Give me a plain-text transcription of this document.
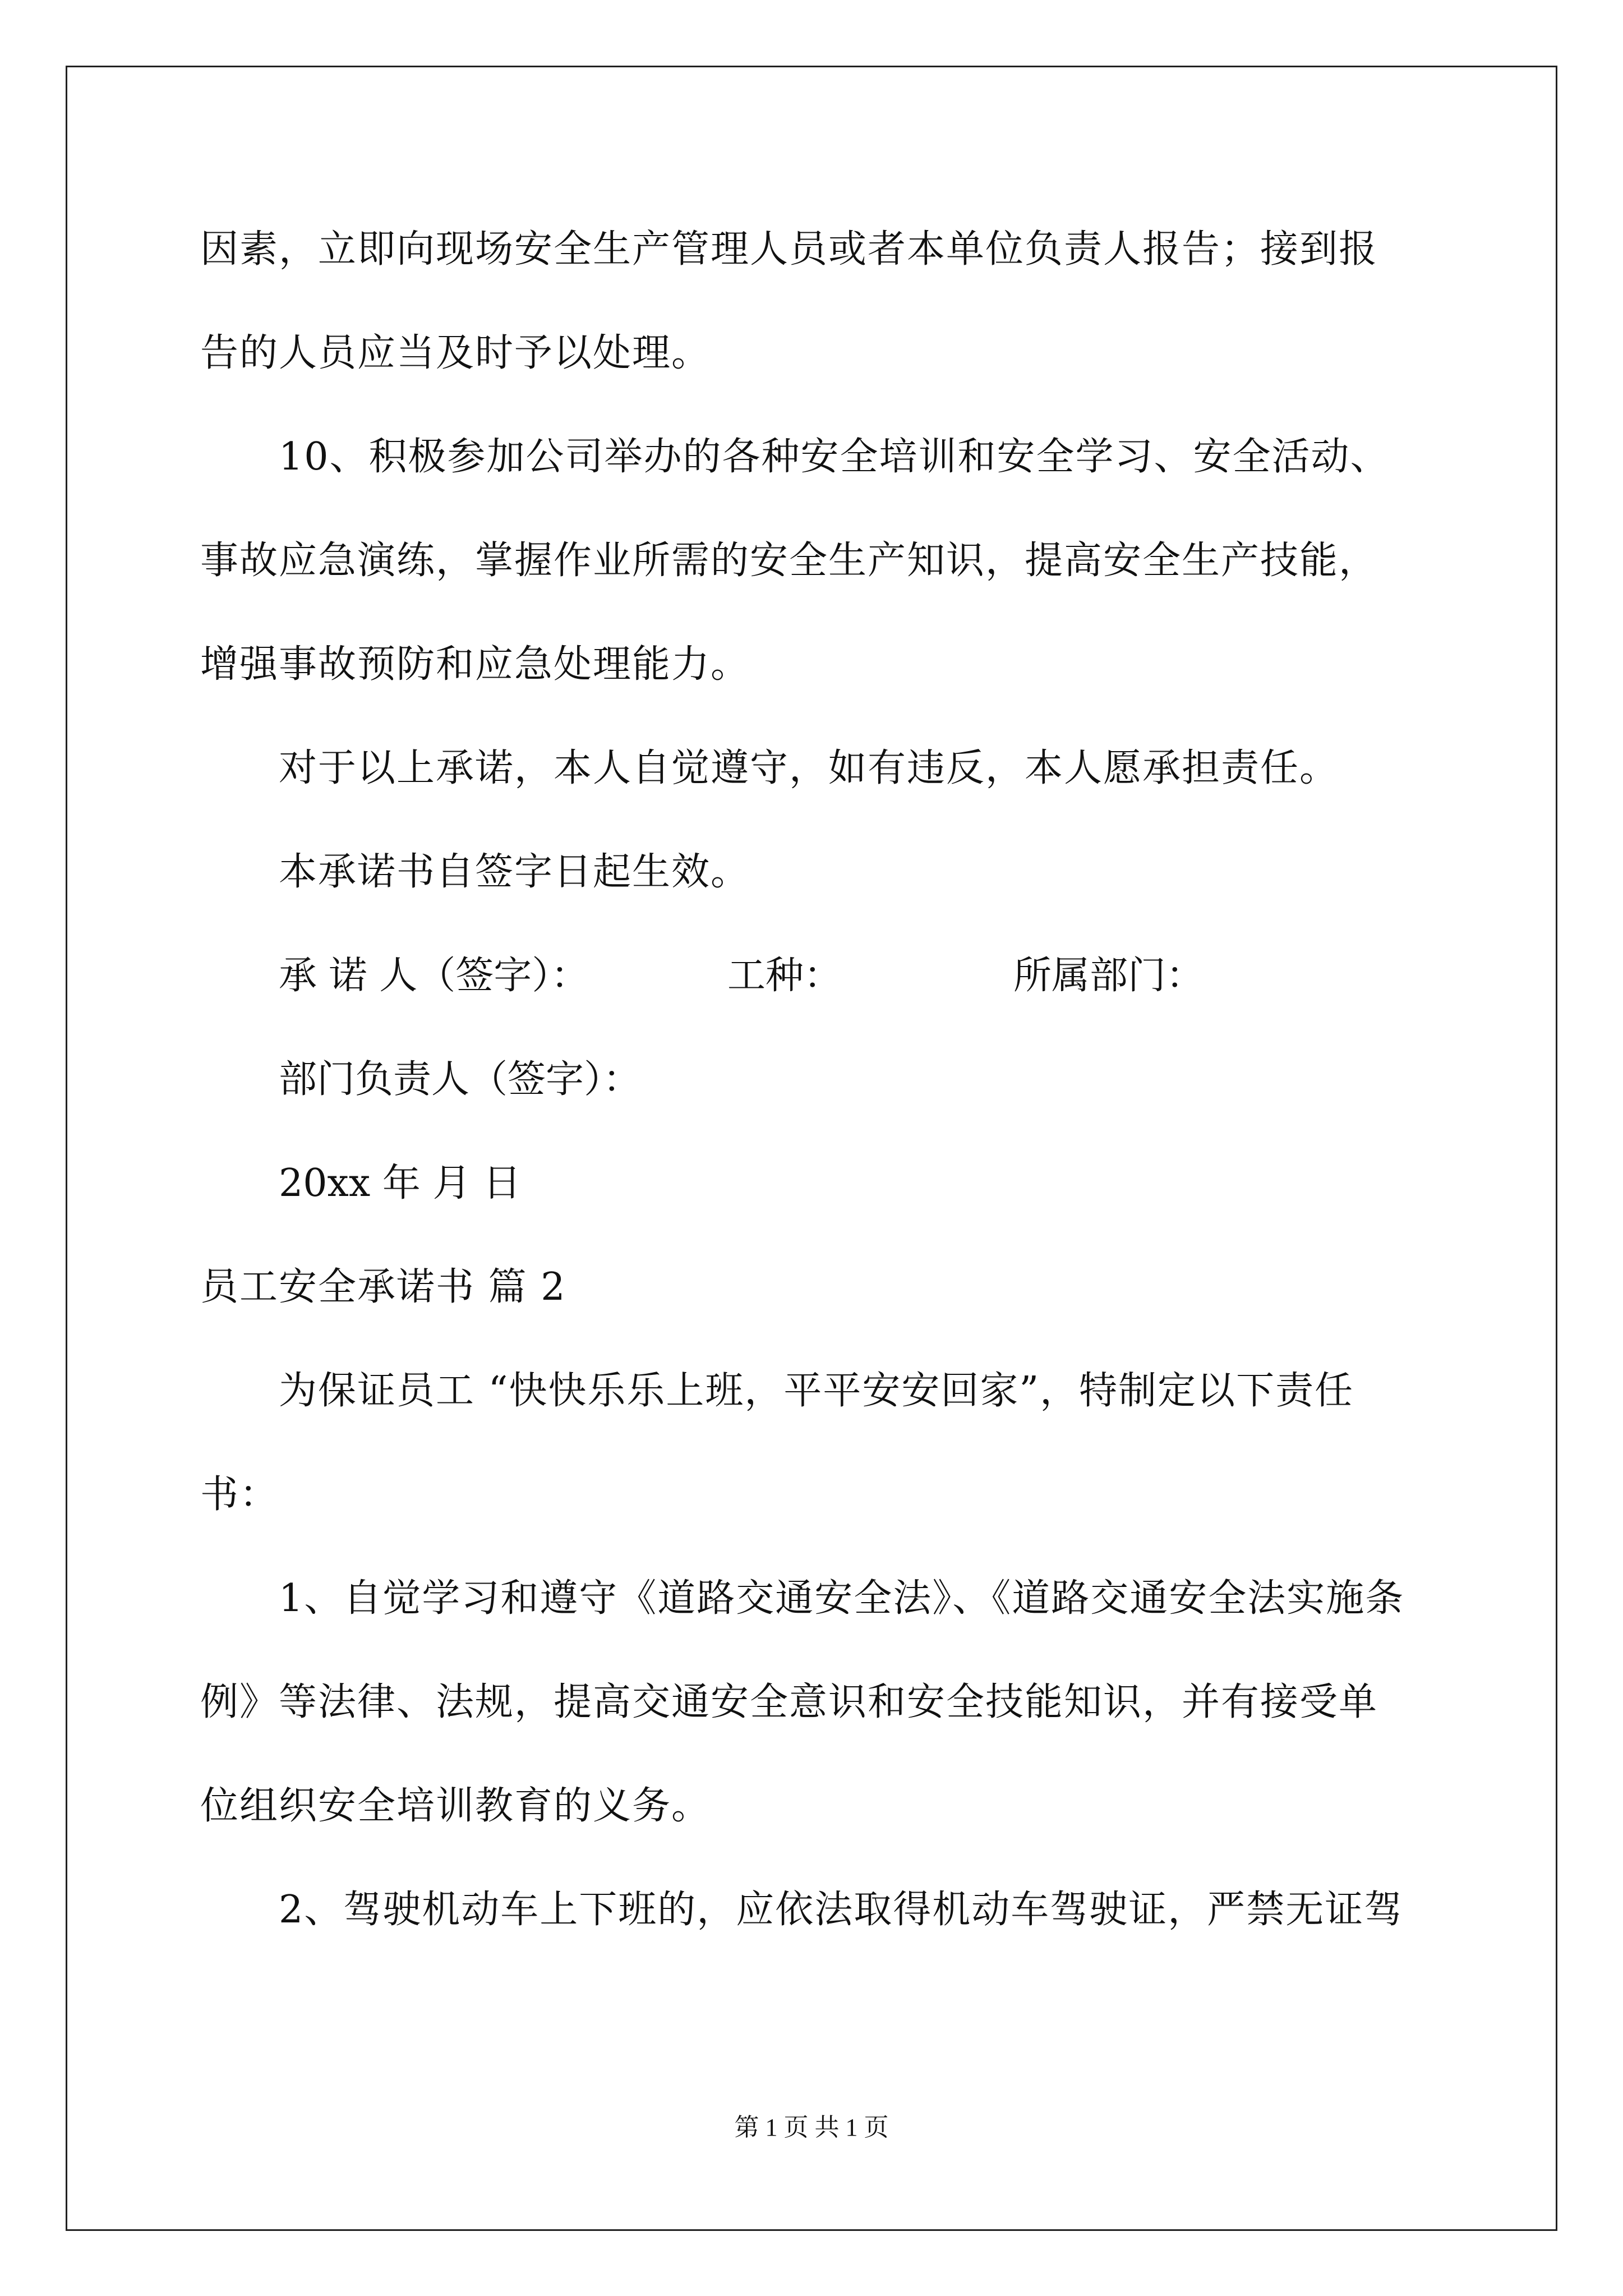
因素，立即向现场安全生产管理人员或者本单位负责人报告；接到报
告的人员应当及时予以处理。
10、积极参加公司举办的各种安全培训和安全学习、安全活动、
事故应急演练，掌握作业所需的安全生产知识，提高安全生产技能，
增强事故预防和应急处理能力。
对于以上承诺，本人自觉遵守，如有违反，本人愿承担责任。
本承诺书自签字日起生效。
承 诺 人（签字）：	工种：	所属部门：
部门负责人（签字）：
20xx 年 月 日
员工安全承诺书 篇 2
为保证员工 “快快乐乐上班，平平安安回家”，特制定以下责任
书：
1、自觉学习和遵守《道路交通安全法》、《道路交通安全法实施条
例》等法律、法规，提高交通安全意识和安全技能知识，并有接受单
位组织安全培训教育的义务。
2、驾驶机动车上下班的，应依法取得机动车驾驶证，严禁无证驾
第 1 页 共 1 页
